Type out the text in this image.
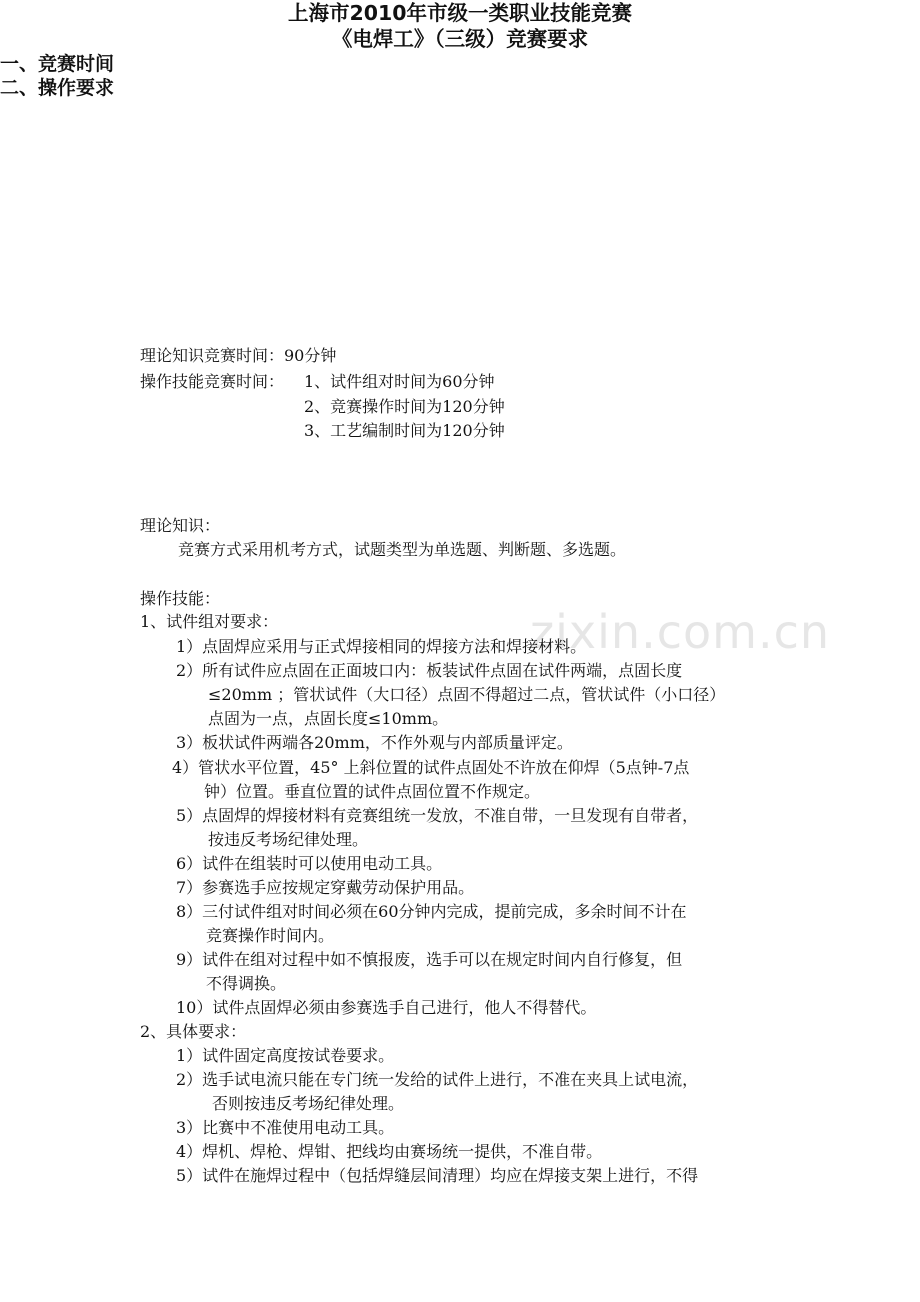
zixin.com.cn
上海市2010年市级一类职业技能竞赛
《电焊工》（三级）竞赛要求
一、竞赛时间
理论知识竞赛时间：90分钟
操作技能竞赛时间： 1、试件组对时间为60分钟
2、竞赛操作时间为120分钟
3、工艺编制时间为120分钟
二、操作要求
理论知识：
竞赛方式采用机考方式，试题类型为单选题、判断题、多选题。
操作技能：
1、试件组对要求：
1）点固焊应采用与正式焊接相同的焊接方法和焊接材料。
2）所有试件应点固在正面坡口内：板装试件点固在试件两端，点固长度
≤20mm ；管状试件（大口径）点固不得超过二点，管状试件（小口径）
点固为一点，点固长度≤10mm。
3）板状试件两端各20mm，不作外观与内部质量评定。
4）管状水平位置，45° 上斜位置的试件点固处不许放在仰焊（5点钟-7点
钟）位置。垂直位置的试件点固位置不作规定。
5）点固焊的焊接材料有竞赛组统一发放，不准自带，一旦发现有自带者，
按违反考场纪律处理。
6）试件在组装时可以使用电动工具。
7）参赛选手应按规定穿戴劳动保护用品。
8）三付试件组对时间必须在60分钟内完成，提前完成，多余时间不计在
竞赛操作时间内。
9）试件在组对过程中如不慎报废，选手可以在规定时间内自行修复，但
不得调换。
10）试件点固焊必须由参赛选手自己进行，他人不得替代。
2、具体要求：
1）试件固定高度按试卷要求。
2）选手试电流只能在专门统一发给的试件上进行，不准在夹具上试电流，
否则按违反考场纪律处理。
3）比赛中不准使用电动工具。
4）焊机、焊枪、焊钳、把线均由赛场统一提供，不准自带。
5）试件在施焊过程中（包括焊缝层间清理）均应在焊接支架上进行，不得
